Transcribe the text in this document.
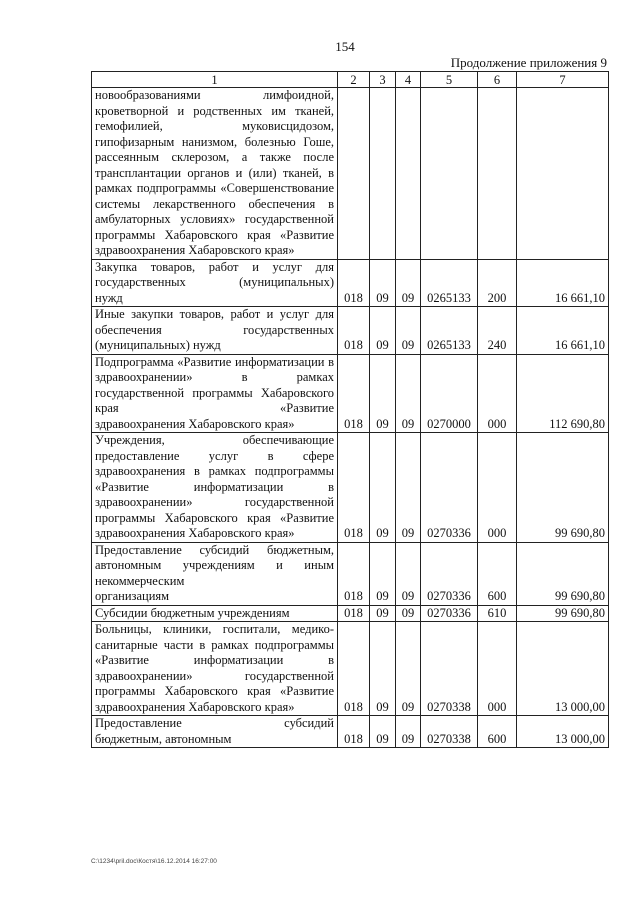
154
Продолжение приложения 9
1	2	3	4	5	6	7
новообразованиями лимфоидной, кроветворной и родственных им тканей, гемофилией, муковисцидозом, гипофизарным нанизмом, болезнью Гоше, рассеянным склерозом, а также после трансплантации органов и (или) тканей, в рамках подпрограммы «Совершенствование системы лекарственного обеспечения в амбулаторных условиях» государственной программы Хабаровского края «Развитие
здравоохранения Хабаровского края»						

Закупка товаров, работ и услуг для государственных (муниципальных)
нужд	018	09	09	0265133	200	16 661,10
Иные закупки товаров, работ и услуг для обеспечения государственных
(муниципальных) нужд	018	09	09	0265133	240	16 661,10
Подпрограмма «Развитие информатизации в здравоохранении» в рамках государственной программы Хабаровского края «Развитие
здравоохранения Хабаровского края»	018	09	09	0270000	000	112 690,80
Учреждения, обеспечивающие предоставление услуг в сфере здравоохранения в рамках подпрограммы «Развитие информатизации в здравоохранении» государственной программы Хабаровского края «Развитие
здравоохранения Хабаровского края»	018	09	09	0270336	000	99 690,80
Предоставление субсидий бюджетным, автономным учреждениям и иным некоммерческим
организациям	018	09	09	0270336	600	99 690,80

Субсидии бюджетным учреждениям	018	09	09	0270336	610	99 690,80
Больницы, клиники, госпитали, медико-санитарные части в рамках подпрограммы «Развитие информатизации в здравоохранении» государственной программы Хабаровского края «Развитие
здравоохранения Хабаровского края»	018	09	09	0270338	000	13 000,00
Предоставление субсидий
бюджетным, автономным	018	09	09	0270338	600	13 000,00
C:\1234\pril.doc\Костя\16.12.2014 16:27:00
